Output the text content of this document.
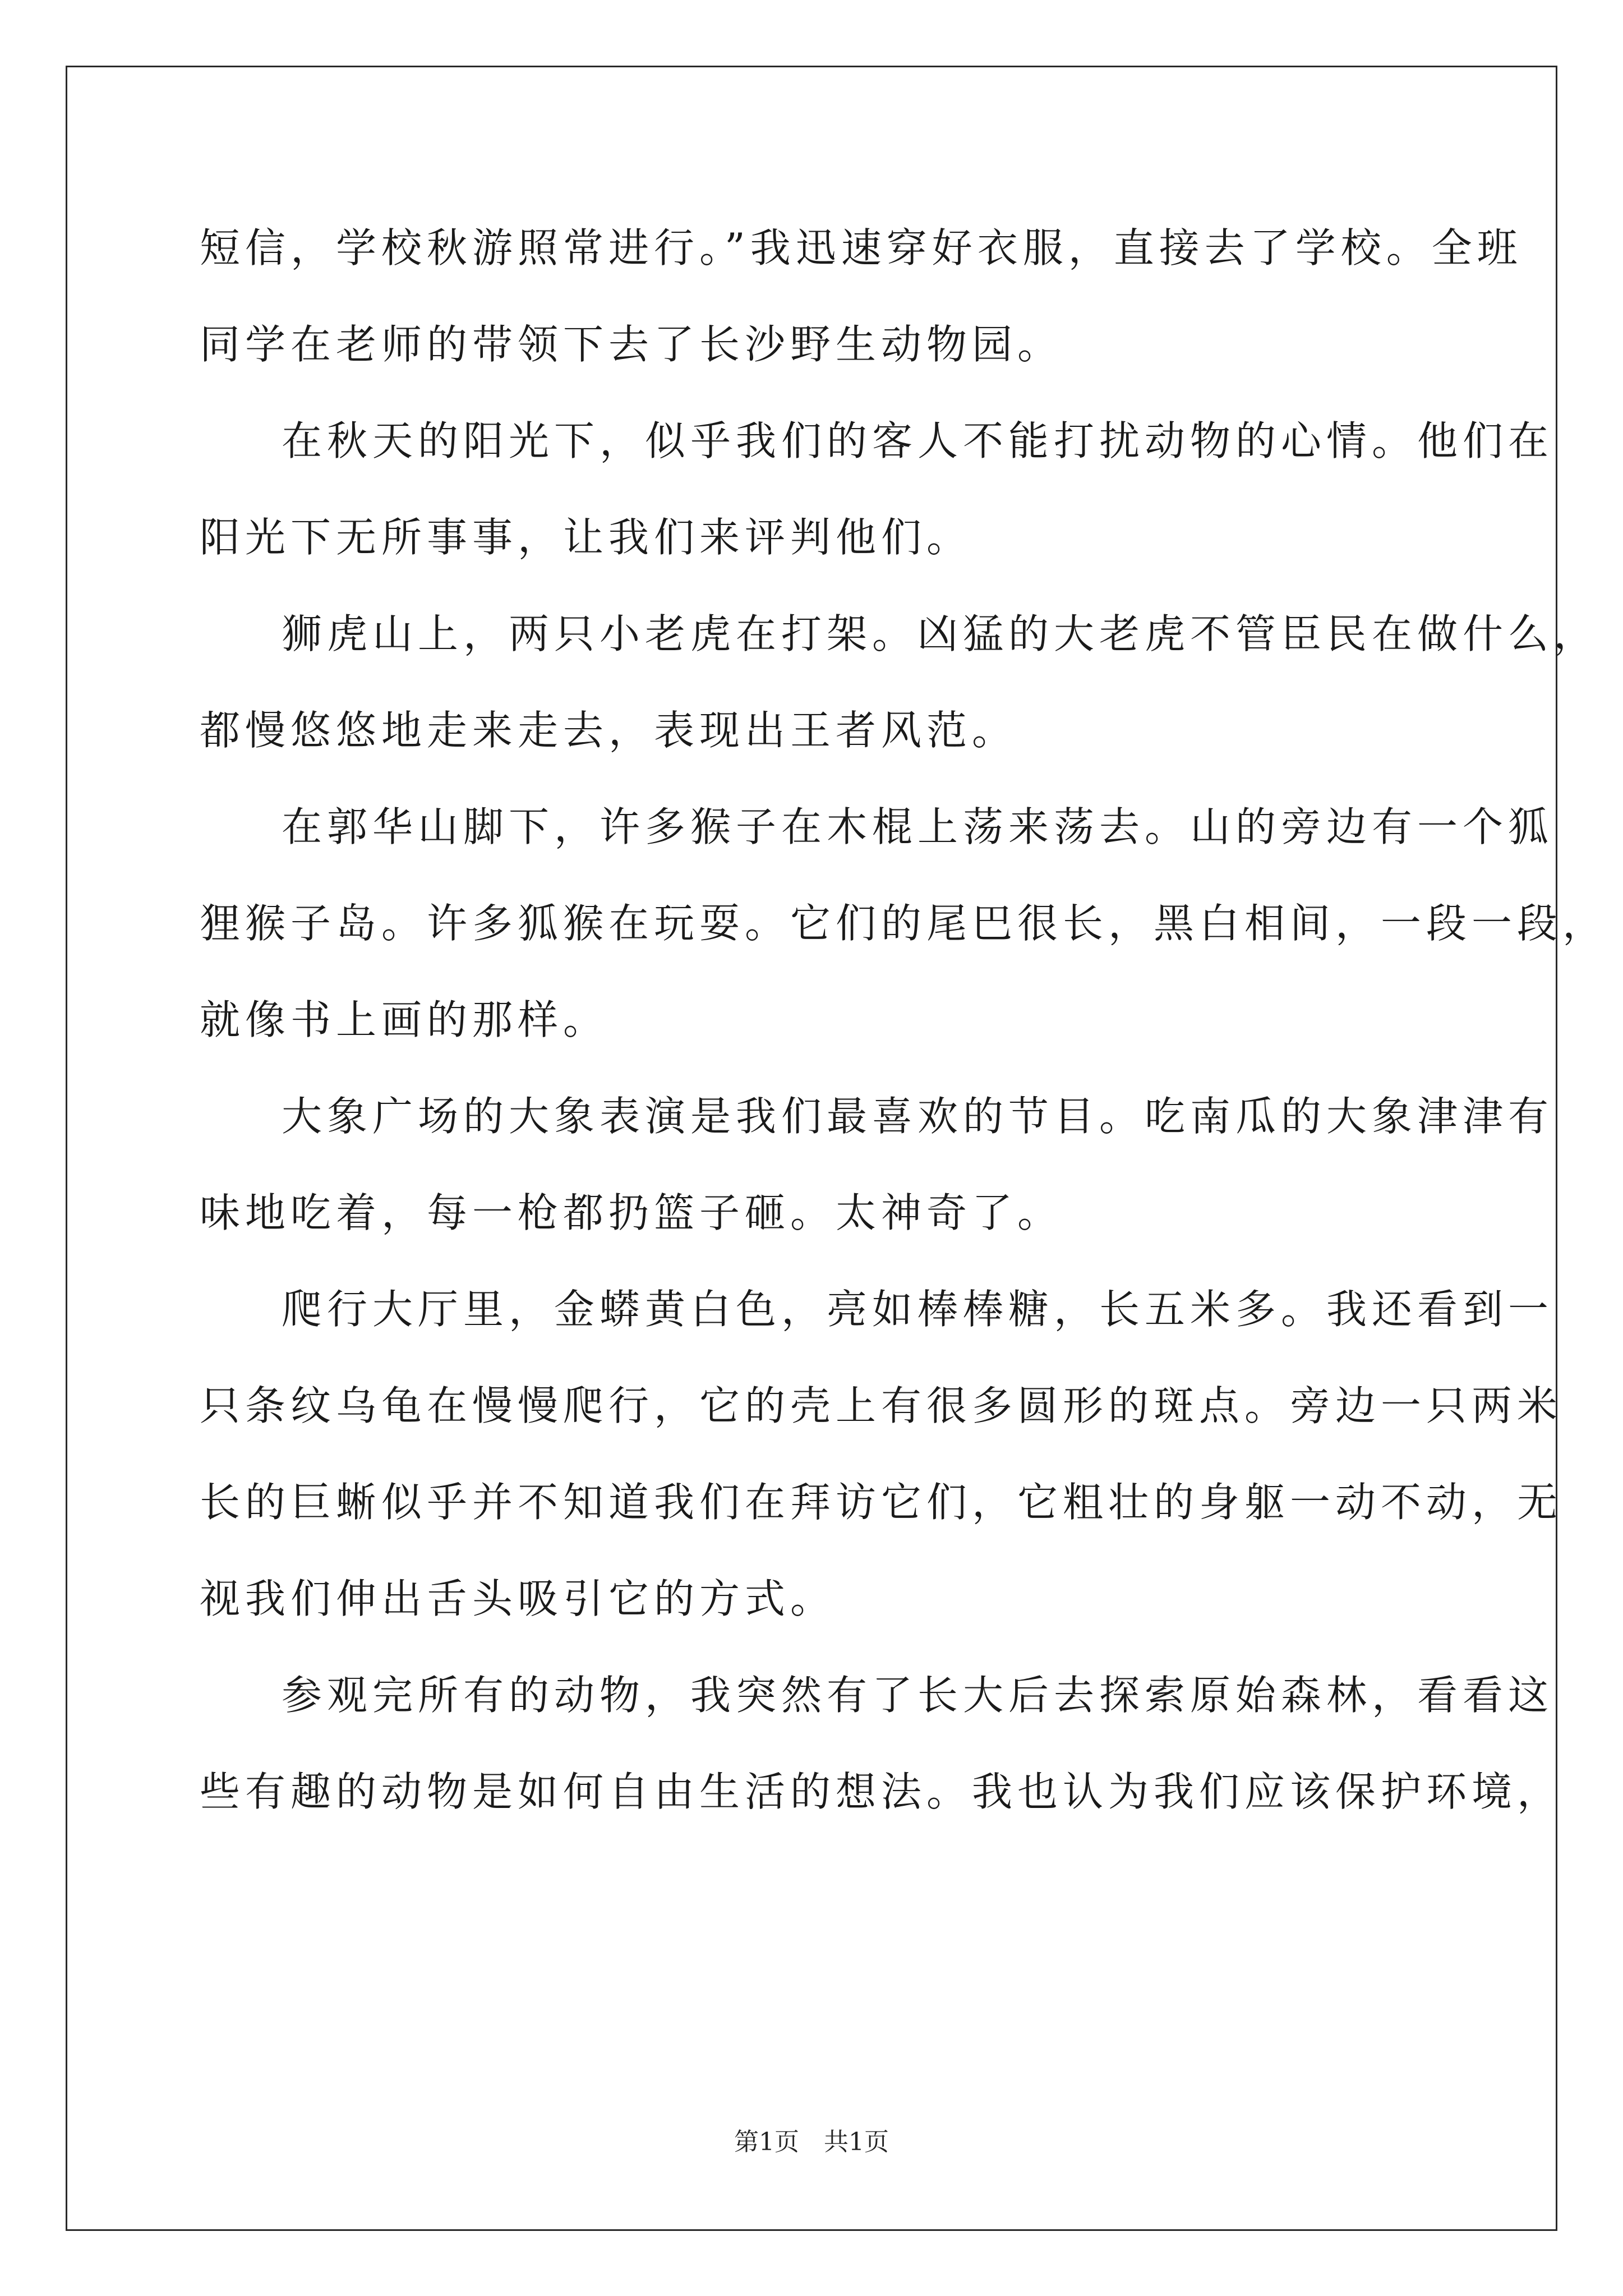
短信，学校秋游照常进行。”我迅速穿好衣服，直接去了学校。全班
同学在老师的带领下去了长沙野生动物园。
在秋天的阳光下，似乎我们的客人不能打扰动物的心情。他们在
阳光下无所事事，让我们来评判他们。
狮虎山上，两只小老虎在打架。凶猛的大老虎不管臣民在做什么，
都慢悠悠地走来走去，表现出王者风范。
在郭华山脚下，许多猴子在木棍上荡来荡去。山的旁边有一个狐
狸猴子岛。许多狐猴在玩耍。它们的尾巴很长，黑白相间，一段一段，
就像书上画的那样。
大象广场的大象表演是我们最喜欢的节目。吃南瓜的大象津津有
味地吃着，每一枪都扔篮子砸。太神奇了。
爬行大厅里，金蟒黄白色，亮如棒棒糖，长五米多。我还看到一
只条纹乌龟在慢慢爬行，它的壳上有很多圆形的斑点。旁边一只两米
长的巨蜥似乎并不知道我们在拜访它们，它粗壮的身躯一动不动，无
视我们伸出舌头吸引它的方式。
参观完所有的动物，我突然有了长大后去探索原始森林，看看这
些有趣的动物是如何自由生活的想法。我也认为我们应该保护环境，
第1页　共1页
